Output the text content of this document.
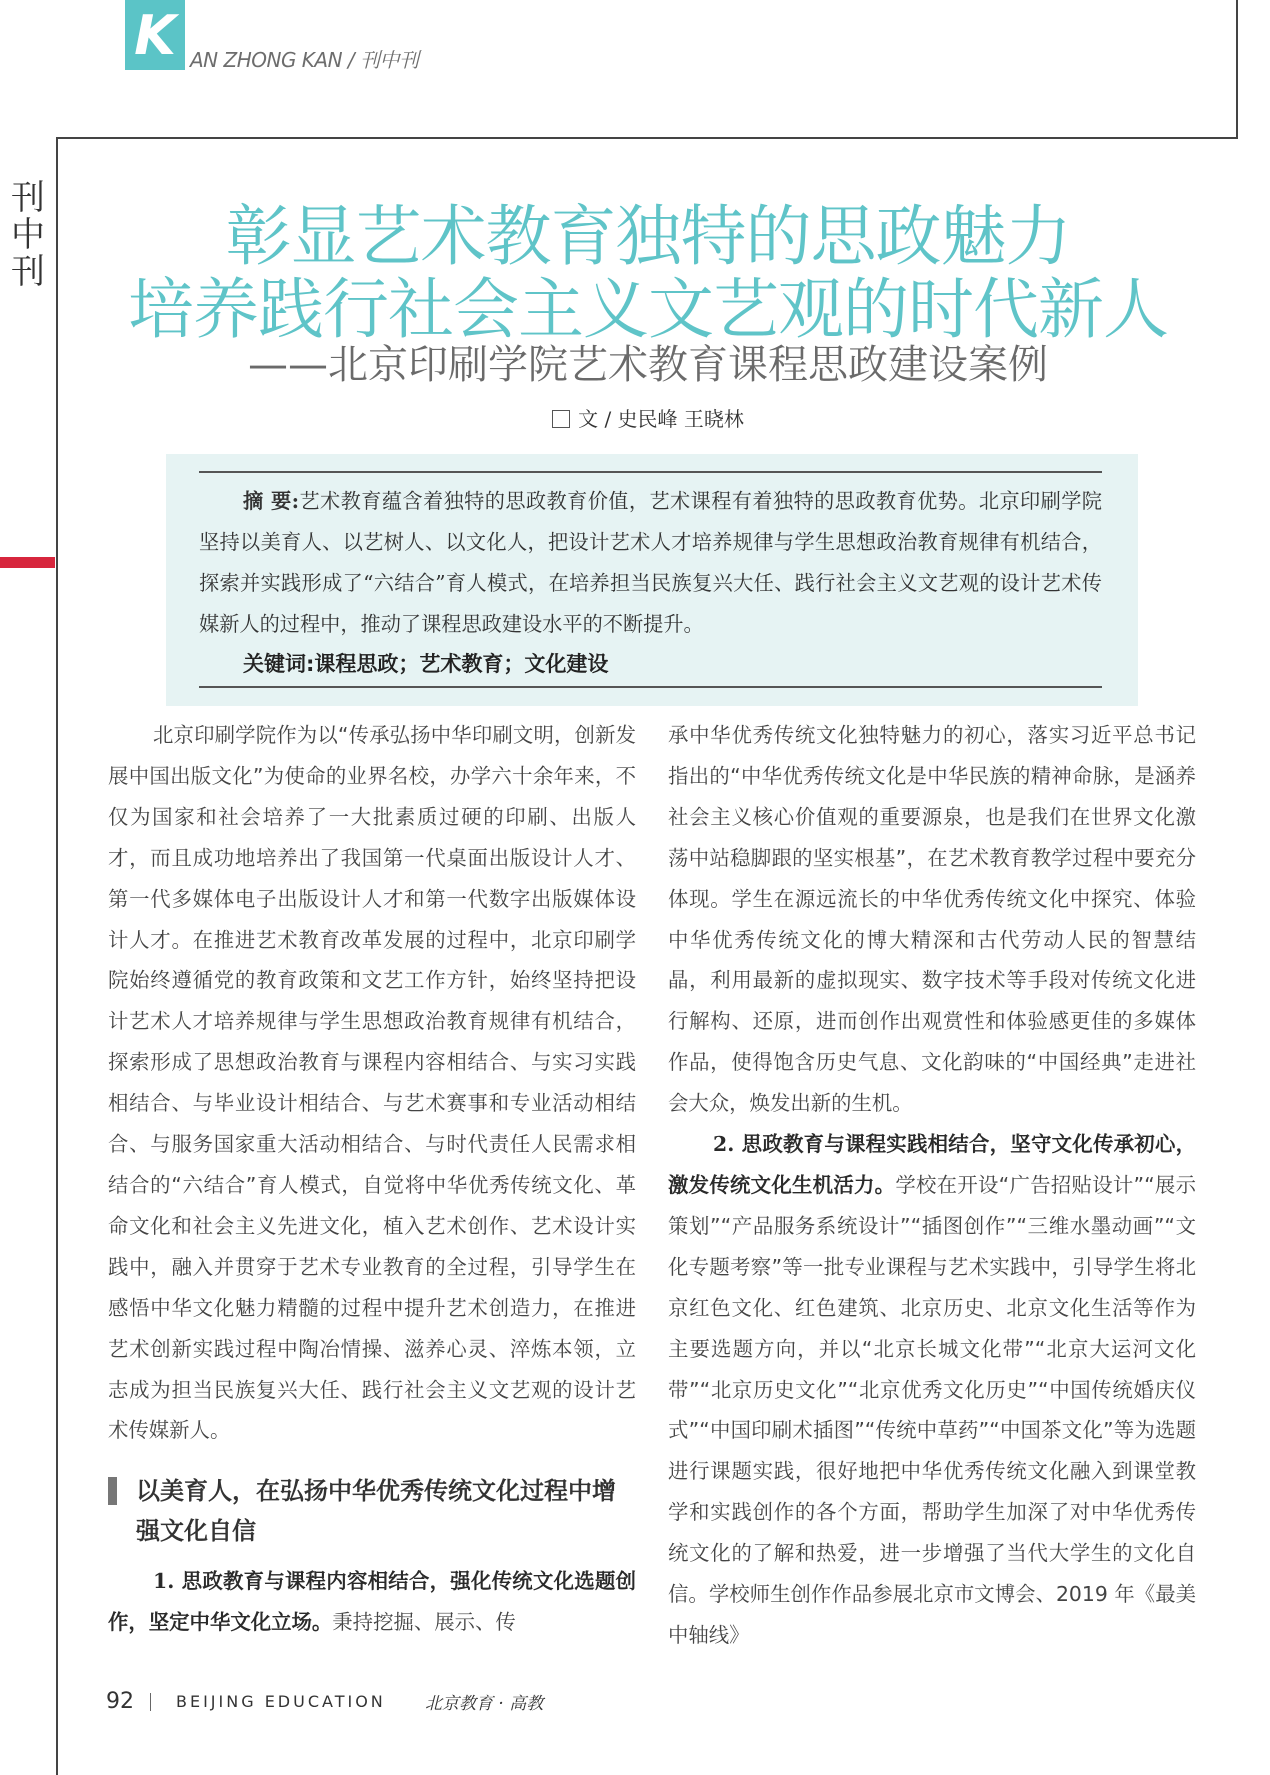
K AN ZHONG KAN / 刊中刊
刊
中
刊	彰显艺术教育独特的思政魅力
培养践行社会主义文艺观的时代新人
——北京印刷学院艺术教育课程思政建设案例
文 / 史民峰 王晓林
摘 要:艺术教育蕴含着独特的思政教育价值，艺术课程有着独特的思政教育优势。北京印刷学院坚持以美育人、以艺树人、以文化人，把设计艺术人才培养规律与学生思想政治教育规律有机结合，探索并实践形成了“六结合”育人模式，在培养担当民族复兴大任、践行社会主义文艺观的设计艺术传媒新人的过程中，推动了课程思政建设水平的不断提升。
关键词:课程思政；艺术教育；文化建设

北京印刷学院作为以“传承弘扬中华印刷文明，创新发展中国出版文化”为使命的业界名校，办学六十余年来，不仅为国家和社会培养了一大批素质过硬的印刷、出版人才，而且成功地培养出了我国第一代桌面出版设计人才、第一代多媒体电子出版设计人才和第一代数字出版媒体设计人才。在推进艺术教育改革发展的过程中，北京印刷学院始终遵循党的教育政策和文艺工作方针，始终坚持把设计艺术人才培养规律与学生思想政治教育规律有机结合，探索形成了思想政治教育与课程内容相结合、与实习实践相结合、与毕业设计相结合、与艺术赛事和专业活动相结合、与服务国家重大活动相结合、与时代责任人民需求相结合的“六结合”育人模式，自觉将中华优秀传统文化、革命文化和社会主义先进文化，植入艺术创作、艺术设计实践中，融入并贯穿于艺术专业教育的全过程，引导学生在感悟中华文化魅力精髓的过程中提升艺术创造力，在推进艺术创新实践过程中陶冶情操、滋养心灵、淬炼本领，立志成为担当民族复兴大任、践行社会主义文艺观的设计艺术传媒新人。

以美育人，在弘扬中华优秀传统文化过程中增强文化自信

1. 思政教育与课程内容相结合，强化传统文化选题创作，坚定中华文化立场。秉持挖掘、展示、传

承中华优秀传统文化独特魅力的初心，落实习近平总书记指出的“中华优秀传统文化是中华民族的精神命脉，是涵养社会主义核心价值观的重要源泉，也是我们在世界文化激荡中站稳脚跟的坚实根基”，在艺术教育教学过程中要充分体现。学生在源远流长的中华优秀传统文化中探究、体验中华优秀传统文化的博大精深和古代劳动人民的智慧结晶，利用最新的虚拟现实、数字技术等手段对传统文化进行解构、还原，进而创作出观赏性和体验感更佳的多媒体作品，使得饱含历史气息、文化韵味的“中国经典”走进社会大众，焕发出新的生机。

2. 思政教育与课程实践相结合，坚守文化传承初心，激发传统文化生机活力。学校在开设“广告招贴设计”“展示策划”“产品服务系统设计”“插图创作”“三维水墨动画”“文化专题考察”等一批专业课程与艺术实践中，引导学生将北京红色文化、红色建筑、北京历史、北京文化生活等作为主要选题方向，并以“北京长城文化带”“北京大运河文化带”“北京历史文化”“北京优秀文化历史”“中国传统婚庆仪式”“中国印刷术插图”“传统中草药”“中国茶文化”等为选题进行课题实践，很好地把中华优秀传统文化融入到课堂教学和实践创作的各个方面，帮助学生加深了对中华优秀传统文化的了解和热爱，进一步增强了当代大学生的文化自信。学校师生创作作品参展北京市文博会、2019 年《最美中轴线》

92	BEIJING EDUCATION 北京教育 · 高教
